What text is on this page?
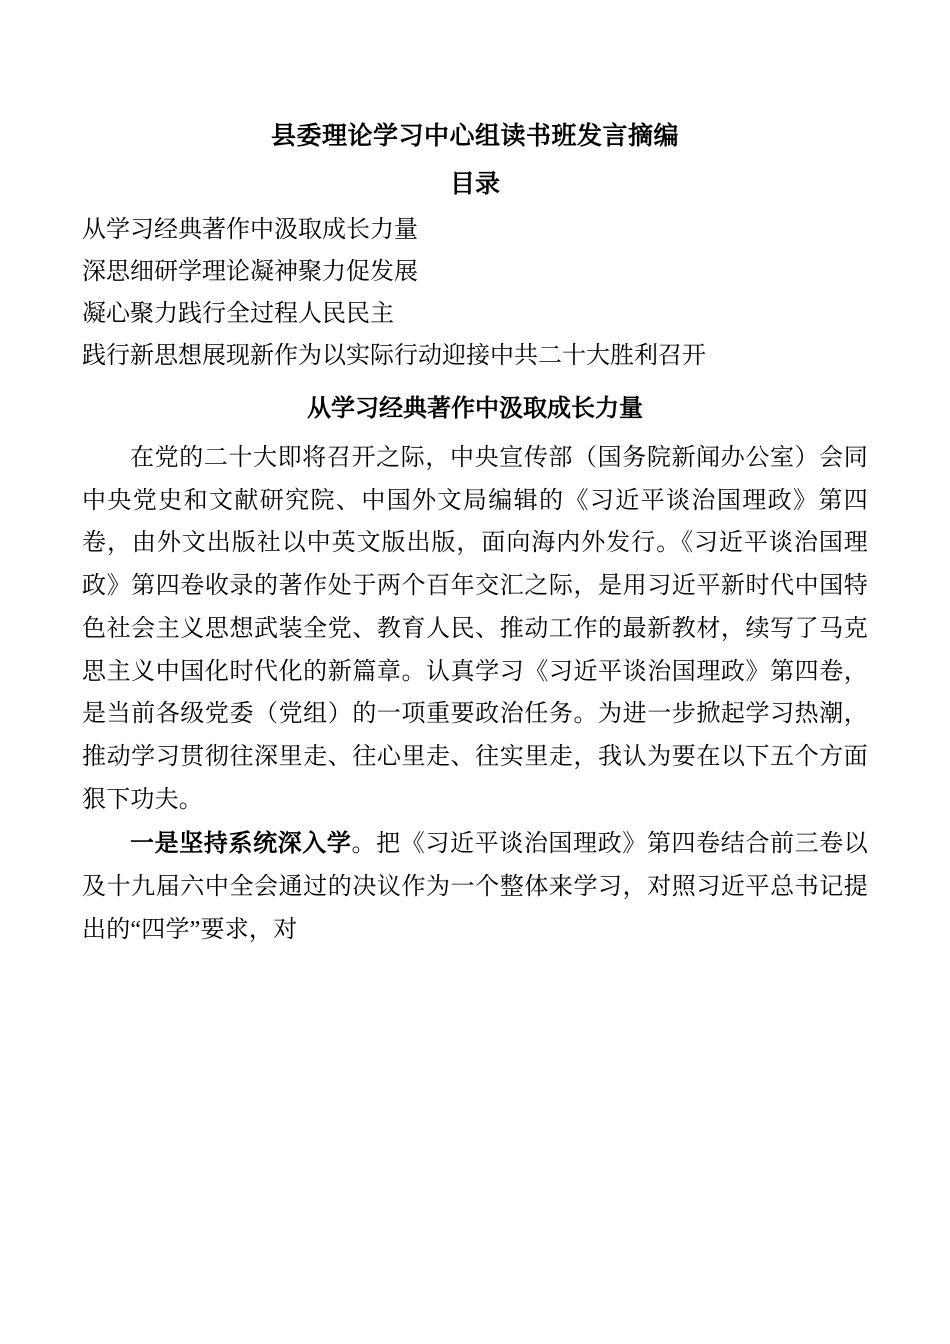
县委理论学习中心组读书班发言摘编
目录
从学习经典著作中汲取成长力量
深思细研学理论凝神聚力促发展
凝心聚力践行全过程人民民主
践行新思想展现新作为以实际行动迎接中共二十大胜利召开
从学习经典著作中汲取成长力量

在党的二十大即将召开之际，中央宣传部（国务院新闻办公室）会同中央党史和文献研究院、中国外文局编辑的《习近平谈治国理政》第四卷，由外文出版社以中英文版出版，面向海内外发行。《习近平谈治国理政》第四卷收录的著作处于两个百年交汇之际，是用习近平新时代中国特色社会主义思想武装全党、教育人民、推动工作的最新教材，续写了马克思主义中国化时代化的新篇章。认真学习《习近平谈治国理政》第四卷，是当前各级党委（党组）的一项重要政治任务。为进一步掀起学习热潮，推动学习贯彻往深里走、往心里走、往实里走，我认为要在以下五个方面狠下功夫。

一是坚持系统深入学。把《习近平谈治国理政》第四卷结合前三卷以及十九届六中全会通过的决议作为一个整体来学习，对照习近平总书记提出的“四学”要求，对
